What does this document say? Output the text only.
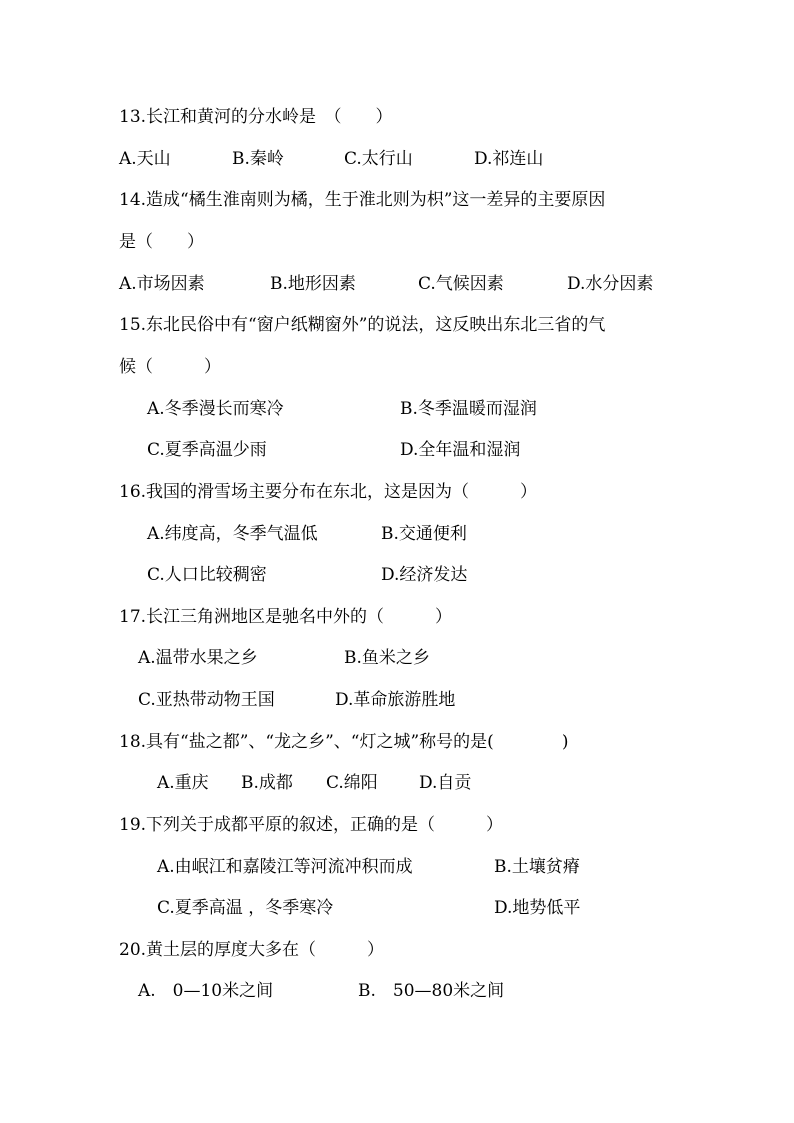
13.长江和黄河的分水岭是　（　　）
A.天山	B.秦岭	C.太行山	D.祁连山
14.造成“橘生淮南则为橘，生于淮北则为枳”这一差异的主要原因
是（　　）
A.市场因素	B.地形因素	C.气候因素	D.水分因素
15.东北民俗中有“窗户纸糊窗外”的说法，这反映出东北三省的气
候（　　　）
A.冬季漫长而寒冷	B.冬季温暖而湿润
C.夏季高温少雨	D.全年温和湿润
16.我国的滑雪场主要分布在东北，这是因为（　　　）
A.纬度高，冬季气温低	B.交通便利
C.人口比较稠密	D.经济发达
17.长江三角洲地区是驰名中外的（　　　）
A.温带水果之乡	B.鱼米之乡
C.亚热带动物王国	D.革命旅游胜地
18.具有“盐之都”、“龙之乡”、“灯之城”称号的是(　　　　)
A.重庆 B.成都 C.绵阳 D.自贡
19.下列关于成都平原的叙述，正确的是（　　　）
A.由岷江和嘉陵江等河流冲积而成	B.土壤贫瘠
C.夏季高温 ，冬季寒冷	D.地势低平
20.黄土层的厚度大多在（　　　）
A.　0—10米之间	B.　50—80米之间
